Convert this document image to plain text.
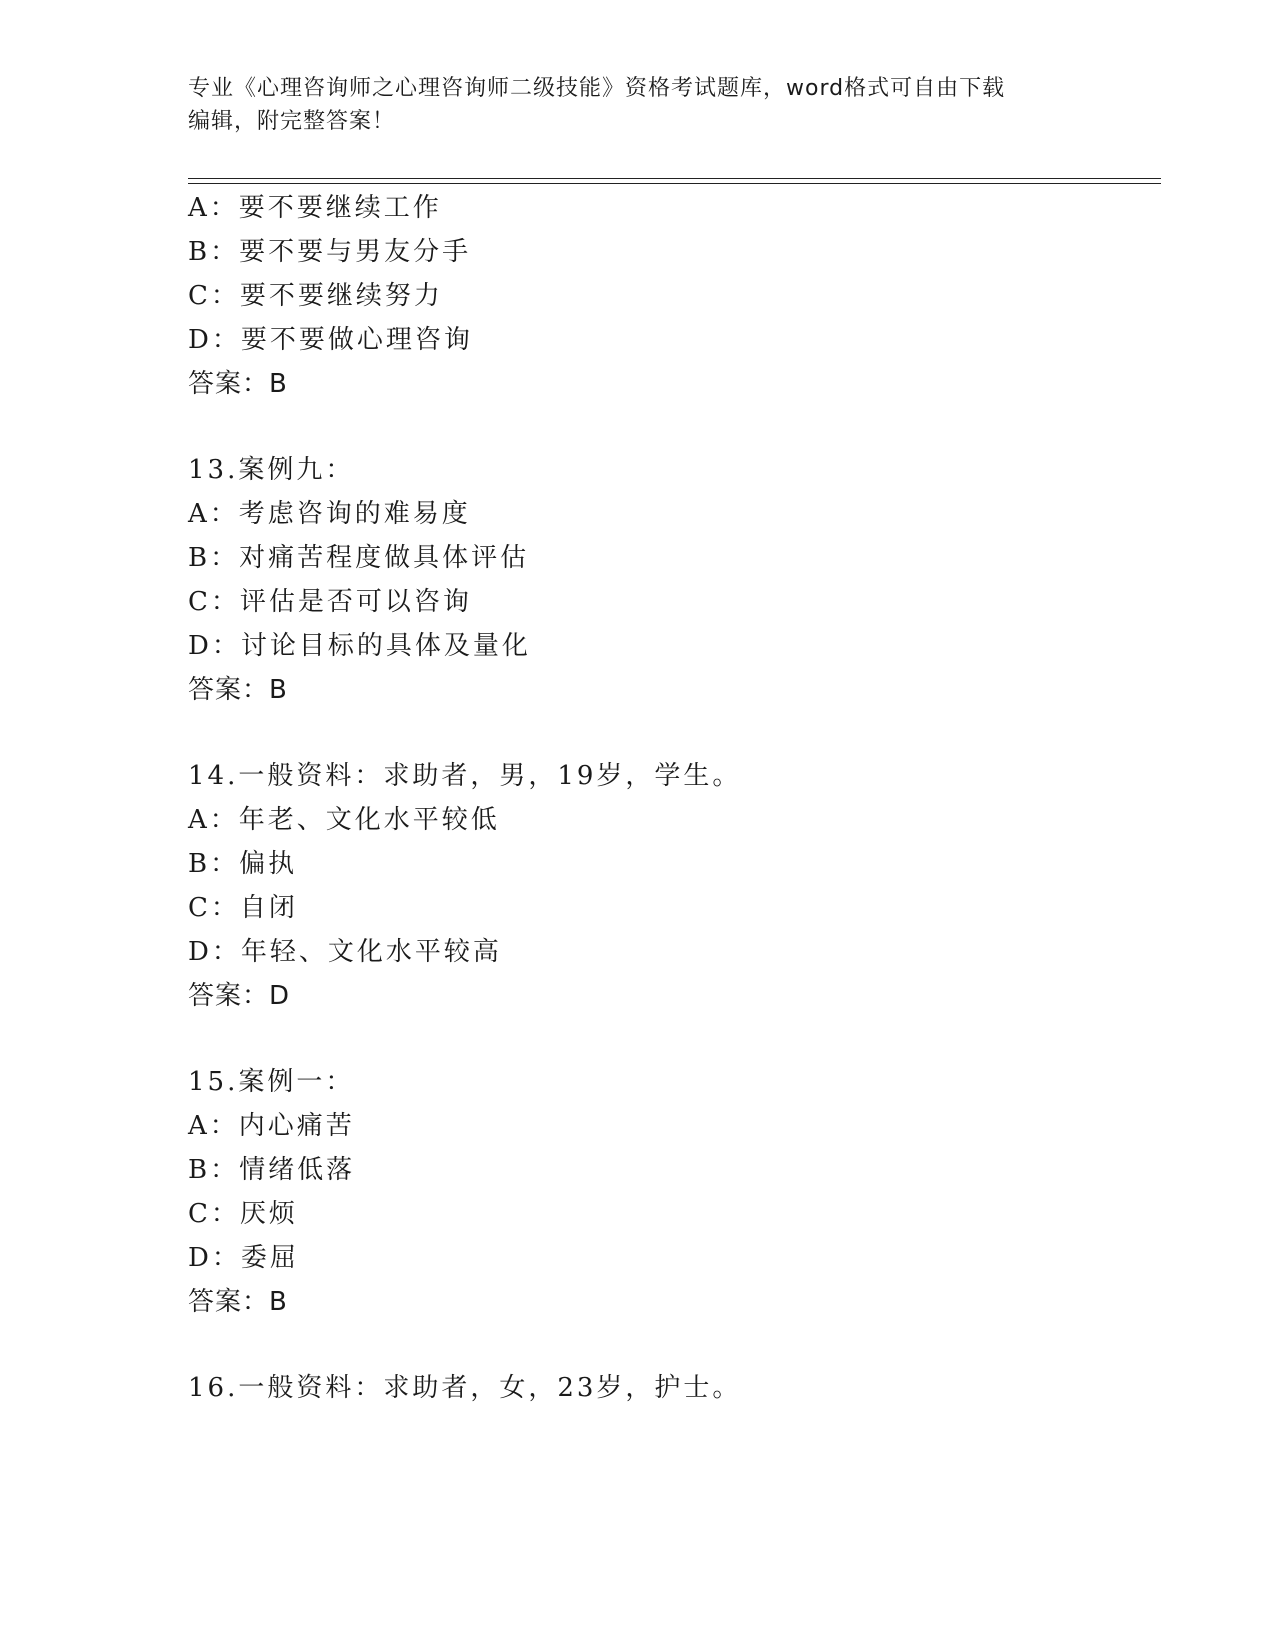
专业《心理咨询师之心理咨询师二级技能》资格考试题库，word格式可自由下载
编辑，附完整答案！
A：要不要继续工作
B：要不要与男友分手
C：要不要继续努力
D：要不要做心理咨询
答案：B
13.案例九：
A：考虑咨询的难易度
B：对痛苦程度做具体评估
C：评估是否可以咨询
D：讨论目标的具体及量化
答案：B
14.一般资料：求助者，男，19岁，学生。
A：年老、文化水平较低
B：偏执
C：自闭
D：年轻、文化水平较高
答案：D
15.案例一：
A：内心痛苦
B：情绪低落
C：厌烦
D：委屈
答案：B
16.一般资料：求助者，女，23岁，护士。
